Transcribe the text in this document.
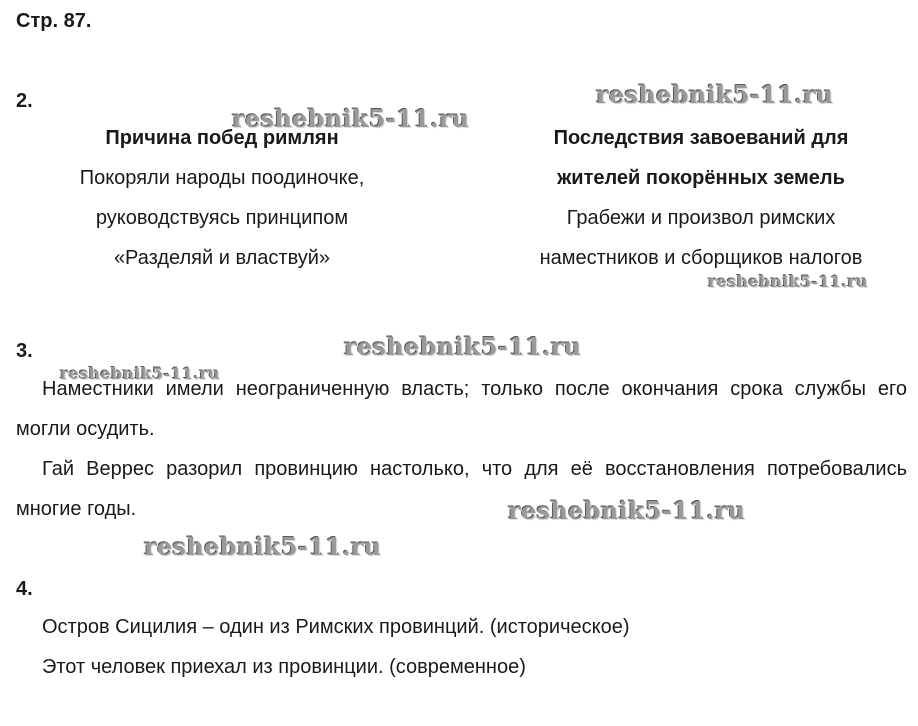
Стр. 87.
2.
Причина побед римлян
Покоряли народы поодиночке,
руководствуясь принципом
«Разделяй и властвуй»
Последствия завоеваний для
жителей покорённых земель
Грабежи и произвол римских
наместников и сборщиков налогов
3.
Наместники имели неограниченную власть; только после окончания срока службы его могли осудить.
Гай Веррес разорил провинцию настолько, что для её восстановления потребовались многие годы.
4.
Остров Сицилия – один из Римских провинций. (историческое)
Этот человек приехал из провинции. (современное)
reshebnik5-11.ru
reshebnik5-11.ru
reshebnik5-11.ru
reshebnik5-11.ru
reshebnik5-11.ru
reshebnik5-11.ru
reshebnik5-11.ru
